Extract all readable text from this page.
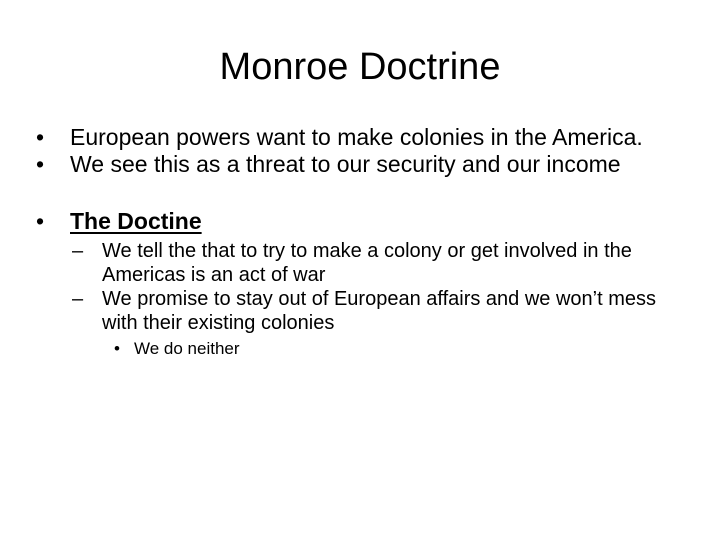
Monroe Doctrine
• European powers want to make colonies in the America.
• We see this as a threat to our security and our income
• The Doctine
– We tell the that to try to make a colony or get involved in the Americas is an act of war
– We promise to stay out of European affairs and we won’t mess with their existing colonies
• We do neither
